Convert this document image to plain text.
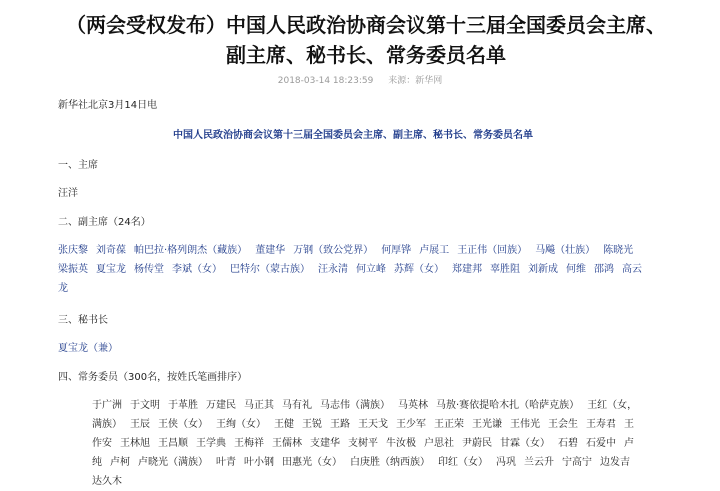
（两会受权发布）中国人民政治协商会议第十三届全国委员会主席、
副主席、秘书长、常务委员名单
2018-03-14 18:23:59 来源：新华网
新华社北京3月14日电
中国人民政治协商会议第十三届全国委员会主席、副主席、秘书长、常务委员名单
一、主席
汪洋
二、副主席（24名）
张庆黎 刘奇葆 帕巴拉·格列朗杰（藏族） 董建华 万钢（致公党界） 何厚铧 卢展工 王正伟（回族） 马飚（壮族） 陈晓光梁振英 夏宝龙 杨传堂 李斌（女） 巴特尔（蒙古族） 汪永清 何立峰 苏辉（女） 郑建邦 辜胜阻 刘新成 何维 邵鸿 高云龙
三、秘书长
夏宝龙（兼）
四、常务委员（300名，按姓氏笔画排序）
于广洲 于文明 于革胜 万建民 马正其 马有礼 马志伟（满族） 马英林 马敖·赛依提哈木扎（哈萨克族） 王红（女，满族） 王辰 王侠（女） 王绚（女） 王健 王锐 王路 王天戈 王少军 王正荣 王光谦 王伟光 王会生 王寿君 王作安 王林旭 王昌顺 王学典 王梅祥 王儒林 支建华 支树平 牛汝极 户思社 尹蔚民 甘霖（女） 石碧 石爱中 卢纯 卢柯 卢晓光（满族） 叶青 叶小钢 田惠光（女） 白庚胜（纳西族） 印红（女） 冯巩 兰云升 宁高宁 边发吉达久木
